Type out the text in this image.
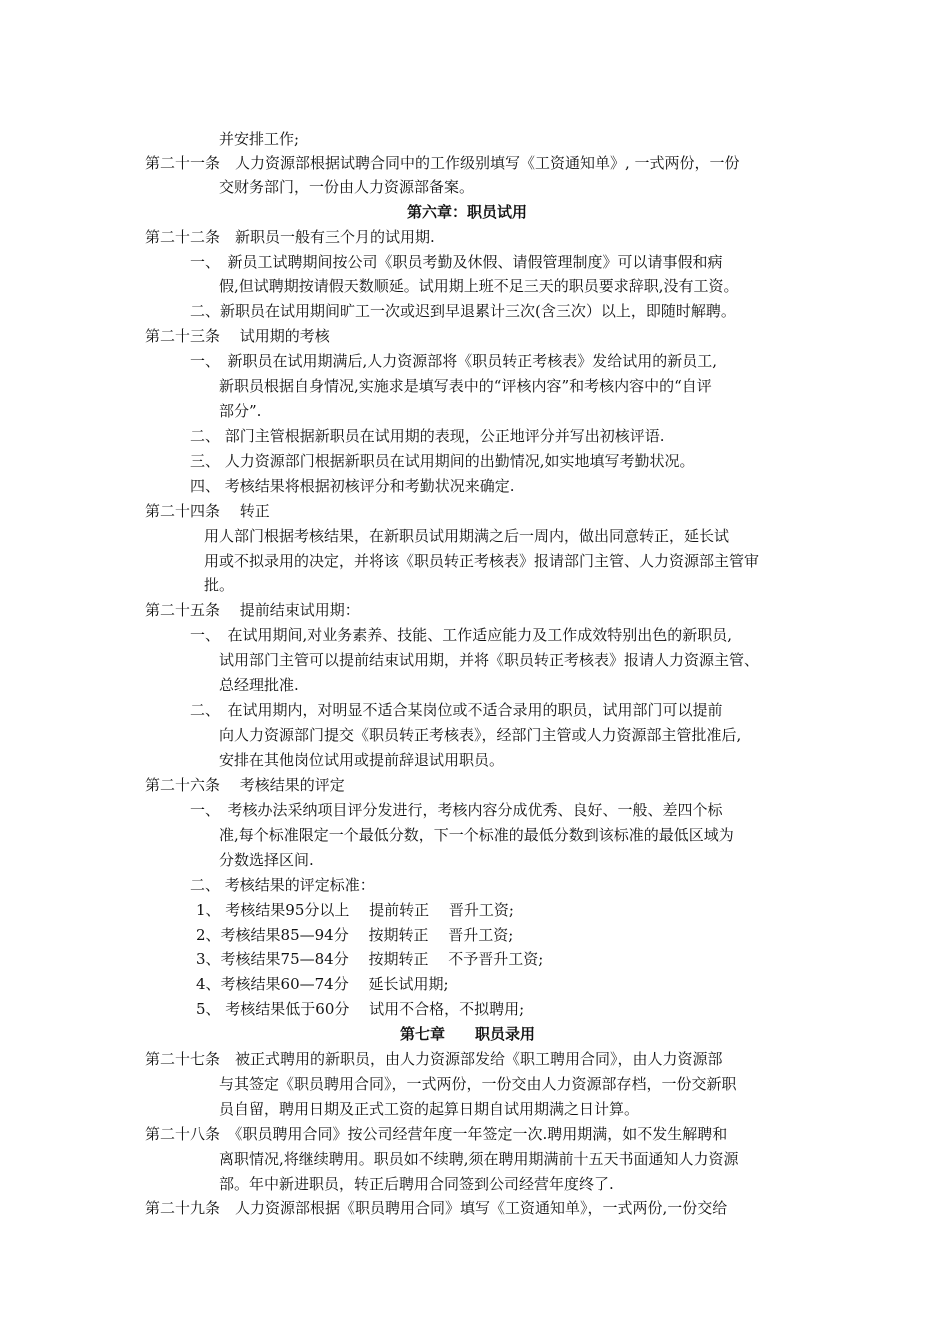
并安排工作;
第二十一条　人力资源部根据试聘合同中的工作级别填写《工资通知单》, 一式两份，一份
交财务部门，一份由人力资源部备案。
第六章：职员试用
第二十二条　新职员一般有三个月的试用期.
一、　新员工试聘期间按公司《职员考勤及休假、请假管理制度》可以请事假和病
假,但试聘期按请假天数顺延。试用期上班不足三天的职员要求辞职,没有工资。
二、新职员在试用期间旷工一次或迟到早退累计三次(含三次）以上，即随时解聘。
第二十三条　 试用期的考核
一、　新职员在试用期满后,人力资源部将《职员转正考核表》发给试用的新员工,
新职员根据自身情况,实施求是填写表中的“评核内容”和考核内容中的“自评
部分”.
二、 部门主管根据新职员在试用期的表现，公正地评分并写出初核评语.
三、 人力资源部门根据新职员在试用期间的出勤情况,如实地填写考勤状况。
四、 考核结果将根据初核评分和考勤状况来确定.
第二十四条　 转正
用人部门根据考核结果，在新职员试用期满之后一周内，做出同意转正，延长试
用或不拟录用的决定，并将该《职员转正考核表》报请部门主管、人力资源部主管审
批。
第二十五条　 提前结束试用期：
一、　在试用期间,对业务素养、技能、工作适应能力及工作成效特别出色的新职员,
试用部门主管可以提前结束试用期，并将《职员转正考核表》报请人力资源主管、
总经理批准.
二、　在试用期内，对明显不适合某岗位或不适合录用的职员，试用部门可以提前
向人力资源部门提交《职员转正考核表》，经部门主管或人力资源部主管批准后,
安排在其他岗位试用或提前辞退试用职员。
第二十六条　 考核结果的评定
一、　考核办法采纳项目评分发进行，考核内容分成优秀、良好、一般、差四个标
准,每个标准限定一个最低分数，下一个标准的最低分数到该标准的最低区域为
分数选择区间.
二、 考核结果的评定标准：
1、 考核结果95分以上　 提前转正　 晋升工资;
2、考核结果85—94分　 按期转正　 晋升工资;
3、考核结果75—84分　 按期转正　 不予晋升工资;
4、考核结果60—74分　 延长试用期;
5、 考核结果低于60分　 试用不合格，不拟聘用;
第七章　　职员录用
第二十七条　被正式聘用的新职员，由人力资源部发给《职工聘用合同》，由人力资源部
与其签定《职员聘用合同》，一式两份，一份交由人力资源部存档，一份交新职
员自留，聘用日期及正式工资的起算日期自试用期满之日计算。
第二十八条　《职员聘用合同》按公司经营年度一年签定一次.聘用期满，如不发生解聘和
离职情况,将继续聘用。职员如不续聘,须在聘用期满前十五天书面通知人力资源
部。年中新进职员，转正后聘用合同签到公司经营年度终了.
第二十九条　人力资源部根据《职员聘用合同》填写《工资通知单》，一式两份,一份交给
